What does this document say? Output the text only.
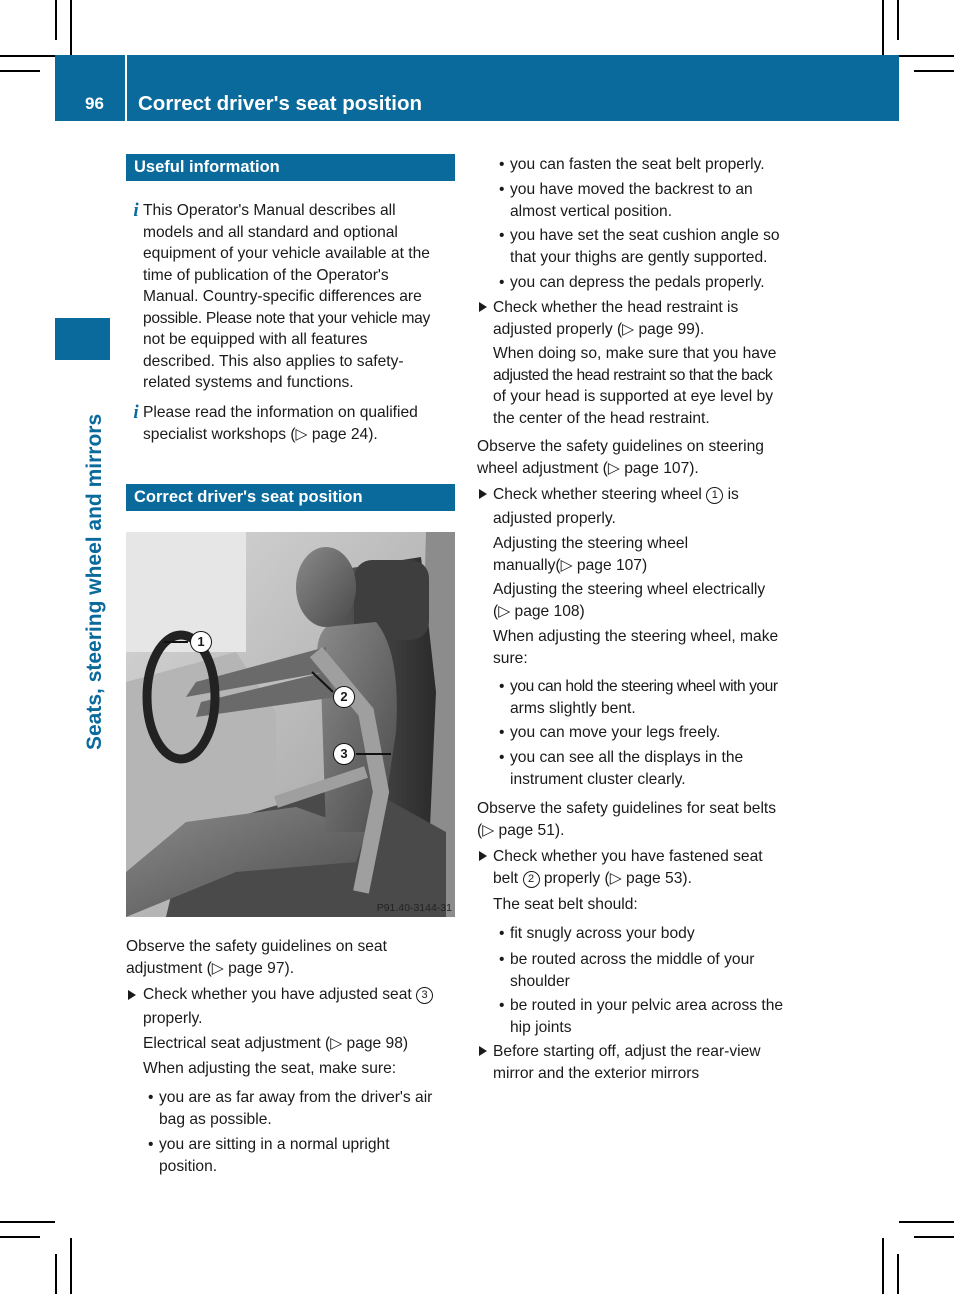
96 Correct driver's seat position
Seats, steering wheel and mirrors
Useful information
i This Operator's Manual describes all
models and all standard and optional
equipment of your vehicle available at the
time of publication of the Operator's
Manual. Country-specific differences are
possible. Please note that your vehicle may
not be equipped with all features
described. This also applies to safety-
related systems and functions.
i Please read the information on qualified
specialist workshops (▷ page 24).
Correct driver's seat position
1
2
3
P91.40-3144-31
Observe the safety guidelines on seat
adjustment (▷ page 97).
Check whether you have adjusted seat 3
properly.
Electrical seat adjustment (▷ page 98)
When adjusting the seat, make sure:
• you are as far away from the driver's air
bag as possible.
• you are sitting in a normal upright
position.
• you can fasten the seat belt properly.
• you have moved the backrest to an
almost vertical position.
• you have set the seat cushion angle so
that your thighs are gently supported.
• you can depress the pedals properly.
Check whether the head restraint is
adjusted properly (▷ page 99).
When doing so, make sure that you have
adjusted the head restraint so that the back
of your head is supported at eye level by
the center of the head restraint.
Observe the safety guidelines on steering
wheel adjustment (▷ page 107).
Check whether steering wheel 1 is
adjusted properly.
Adjusting the steering wheel
manually(▷ page 107)
Adjusting the steering wheel electrically
(▷ page 108)
When adjusting the steering wheel, make
sure:
• you can hold the steering wheel with your
arms slightly bent.
• you can move your legs freely.
• you can see all the displays in the
instrument cluster clearly.
Observe the safety guidelines for seat belts
(▷ page 51).
Check whether you have fastened seat
belt 2 properly (▷ page 53).
The seat belt should:
• fit snugly across your body
• be routed across the middle of your
shoulder
• be routed in your pelvic area across the
hip joints
Before starting off, adjust the rear-view
mirror and the exterior mirrors
